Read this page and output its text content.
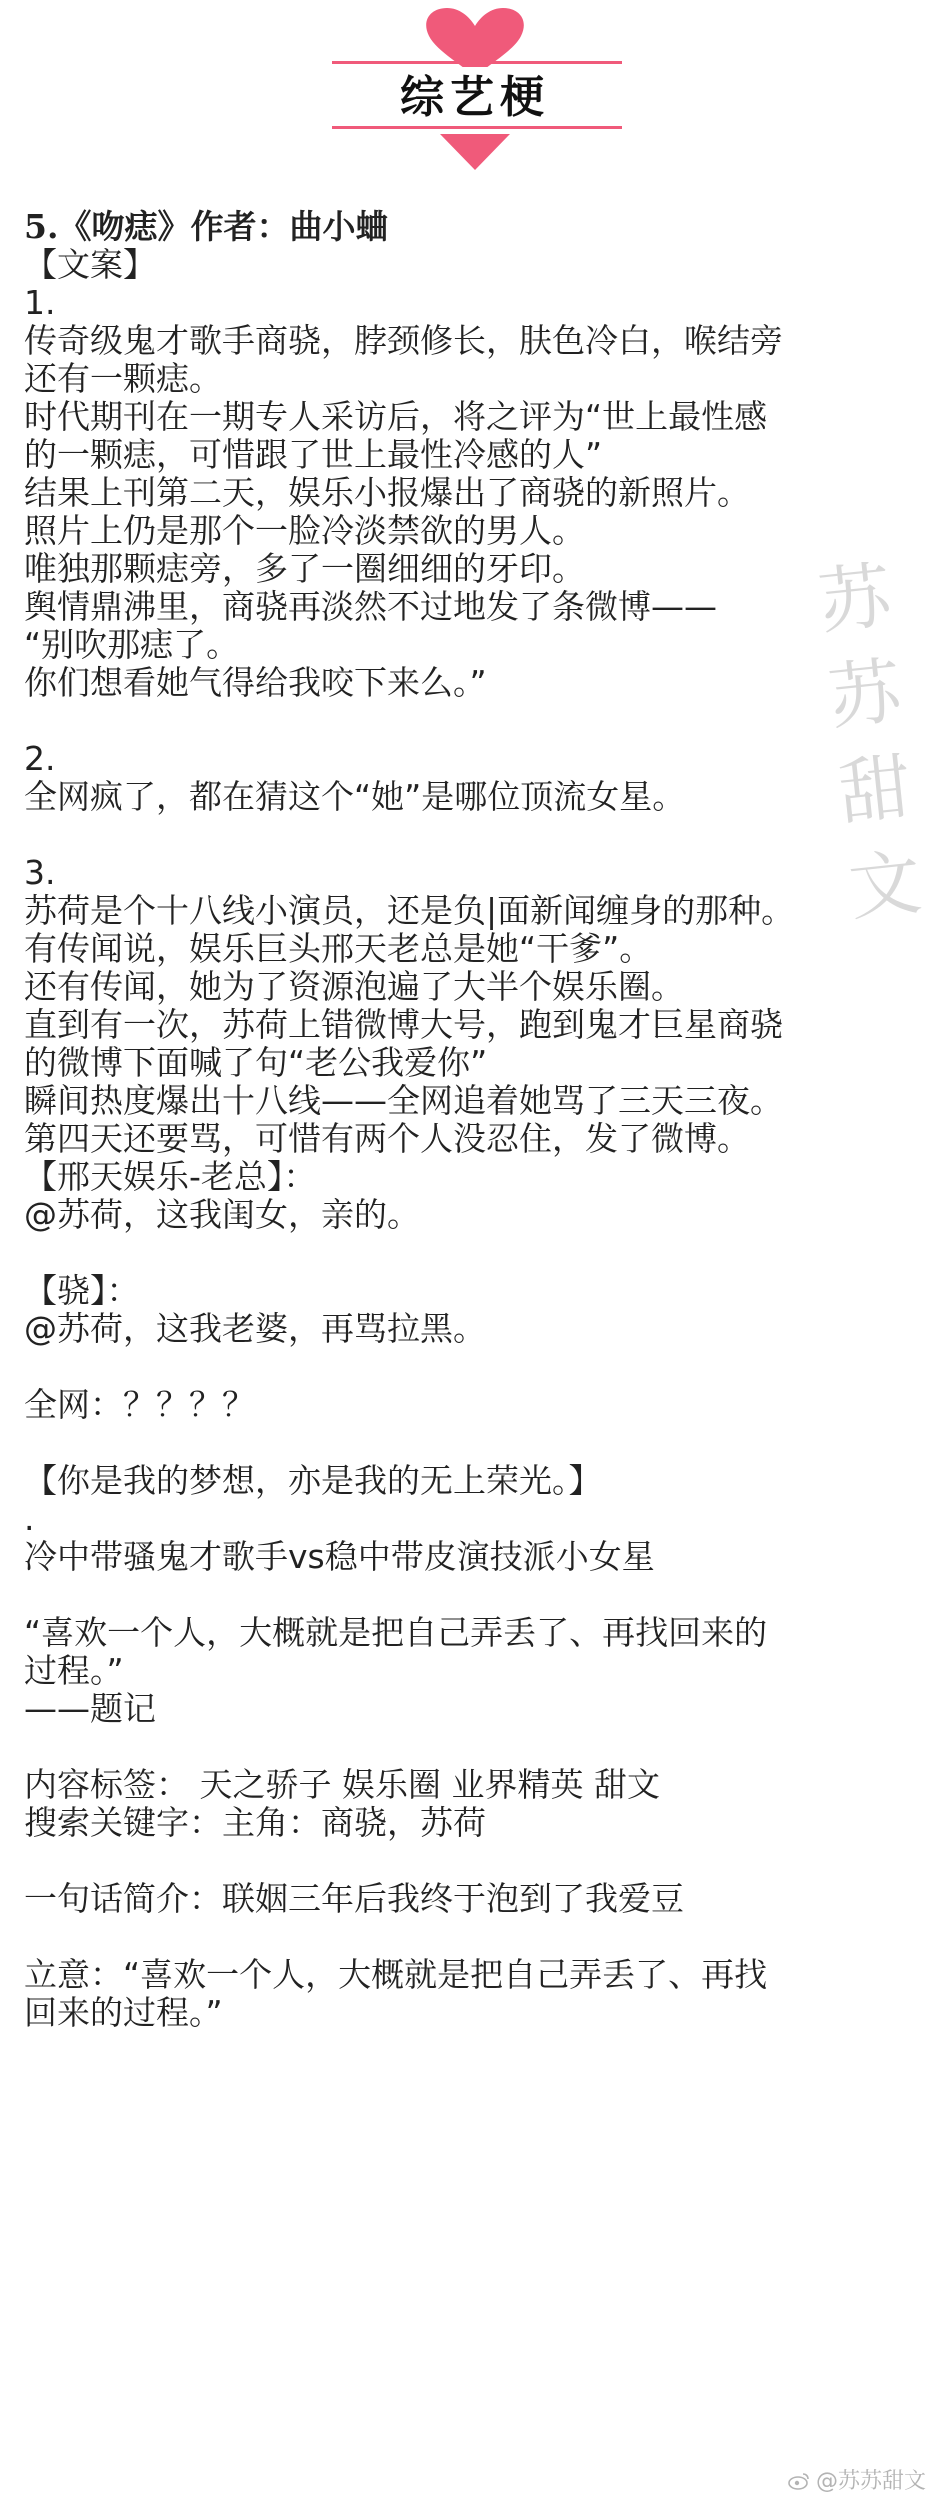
综艺梗
5.《吻痣》作者：曲小蛐
【文案】
1.
传奇级鬼才歌手商骁，脖颈修长，肤色冷白，喉结旁
还有一颗痣。
时代期刊在一期专人采访后，将之评为“世上最性感
的一颗痣，可惜跟了世上最性冷感的人”
结果上刊第二天，娱乐小报爆出了商骁的新照片。
照片上仍是那个一脸冷淡禁欲的男人。
唯独那颗痣旁，多了一圈细细的牙印。
舆情鼎沸里，商骁再淡然不过地发了条微博——
“别吹那痣了。
你们想看她气得给我咬下来么。”
2.
全网疯了，都在猜这个“她”是哪位顶流女星。
3.
苏荷是个十八线小演员，还是负|面新闻缠身的那种。
有传闻说，娱乐巨头邢天老总是她“干爹”。
还有传闻，她为了资源泡遍了大半个娱乐圈。
直到有一次，苏荷上错微博大号，跑到鬼才巨星商骁
的微博下面喊了句“老公我爱你”
瞬间热度爆出十八线——全网追着她骂了三天三夜。
第四天还要骂，可惜有两个人没忍住，发了微博。
【邢天娱乐-老总】：
@苏荷，这我闺女，亲的。
【骁】：
@苏荷，这我老婆，再骂拉黑。
全网：？？？？
【你是我的梦想，亦是我的无上荣光。】
.
冷中带骚鬼才歌手vs稳中带皮演技派小女星
“喜欢一个人，大概就是把自己弄丢了、再找回来的
过程。”
——题记
内容标签： 天之骄子 娱乐圈 业界精英 甜文
搜索关键字：主角：商骁，苏荷
一句话简介：联姻三年后我终于泡到了我爱豆
立意：“喜欢一个人，大概就是把自己弄丢了、再找
回来的过程。”
苏
苏
甜
文
@苏苏甜文
